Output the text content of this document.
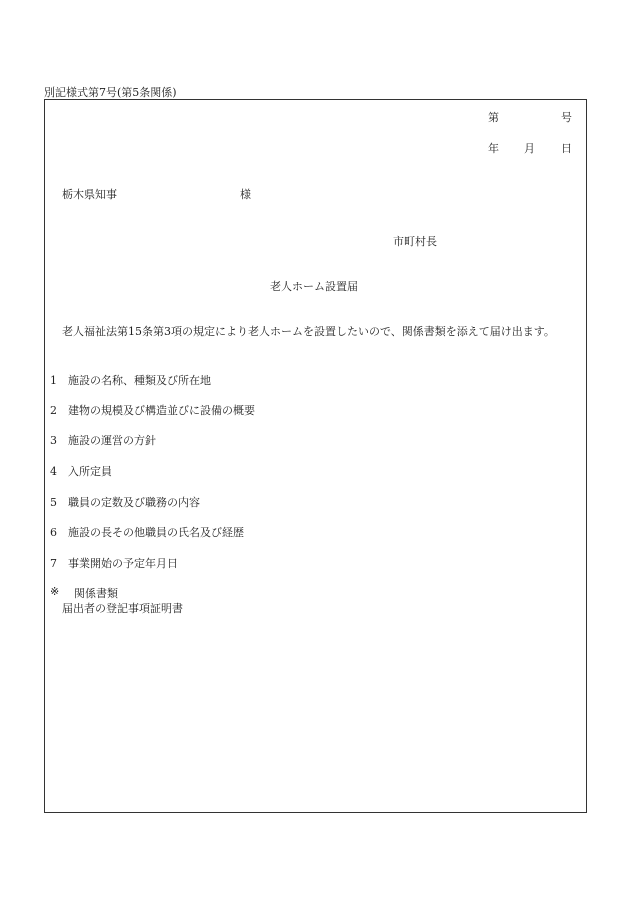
別記様式第7号(第5条関係)
第	号
年 月 日
栃木県知事	様
市町村長
老人ホーム設置届
老人福祉法第15条第3項の規定により老人ホームを設置したいので、関係書類を添えて届け出ます。
1 施設の名称、種類及び所在地
2 建物の規模及び構造並びに設備の概要
3 施設の運営の方針
4 入所定員
5 職員の定数及び職務の内容
6 施設の長その他職員の氏名及び経歴
7 事業開始の予定年月日
※ 関係書類
届出者の登記事項証明書
